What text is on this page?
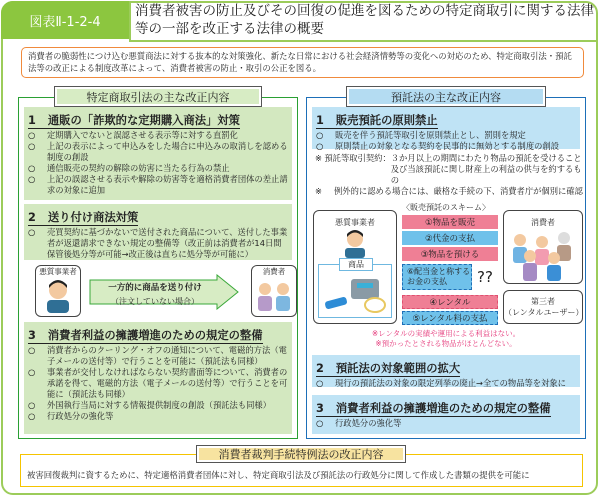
図表Ⅱ-1-2-4
消費者被害の防止及びその回復の促進を図るための特定商取引に関する法律等の一部を改正する法律の概要
消費者の脆弱性につけ込む悪質商法に対する抜本的な対策強化、新たな日常における社会経済情勢等の変化への対応のため、特定商取引法・預託法等の改正による制度改革によって、消費者被害の防止・取引の公正を図る。
1 通販の「詐欺的な定期購入商法」対策
○ 定期購入でないと誤認させる表示等に対する直罰化
○ 上記の表示によって申込みをした場合に申込みの取消しを認める制度の創設
○ 通信販売の契約の解除の妨害に当たる行為の禁止
○ 上記の誤認させる表示や解除の妨害等を適格消費者団体の差止請求の対象に追加
2 送り付け商法対策
○ 売買契約に基づかないで送付された商品について、送付した事業者が返還請求できない規定の整備等（改正前は消費者が14日間保管後処分等が可能→改正後は直ちに処分等が可能に）
悪質事業者
一方的に商品を送り付け
（注文していない場合）
消費者
3 消費者利益の擁護増進のための規定の整備
○ 消費者からのクーリング・オフの通知について、電磁的方法（電子メールの送付等）で行うことを可能に（預託法も同様）
○ 事業者が交付しなければならない契約書面等について、消費者の承諾を得て、電磁的方法（電子メールの送付等）で行うことを可能に（預託法も同様）
○ 外国執行当局に対する情報提供制度の創設（預託法も同様）
○ 行政処分の強化等
特定商取引法の主な改正内容
1 販売預託の原則禁止
○ 販売を伴う預託等取引を原則禁止とし、罰則を規定
○ 原則禁止の対象となる契約を民事的に無効とする制度の創設
※ 預託等取引契約： ３か月以上の期間にわたり物品の預託を受けること及び当該預託に関し財産上の利益の供与を約するもの
※	例外的に認める場合には、厳格な手続の下、消費者庁が個別に確認
〈販売預託のスキーム〉
悪質事業者
商品
①物品を販売
②代金の支払
③物品を預ける
⑥配当金と称するお金の支払	??
④レンタル
⑤レンタル料の支払
消費者
第三者
（レンタルユーザー）
※レンタルの実績や運用による利益はない。
※預かったとされる物品がほとんどない。
2 預託法の対象範囲の拡大
○ 現行の預託法の対象の限定列挙の廃止→全ての物品等を対象に
3 消費者利益の擁護増進のための規定の整備
○ 行政処分の強化等
預託法の主な改正内容
消費者裁判手続特例法の改正内容
被害回復裁判に資するために、特定適格消費者団体に対し、特定商取引法及び預託法の行政処分に関して作成した書類の提供を可能に
